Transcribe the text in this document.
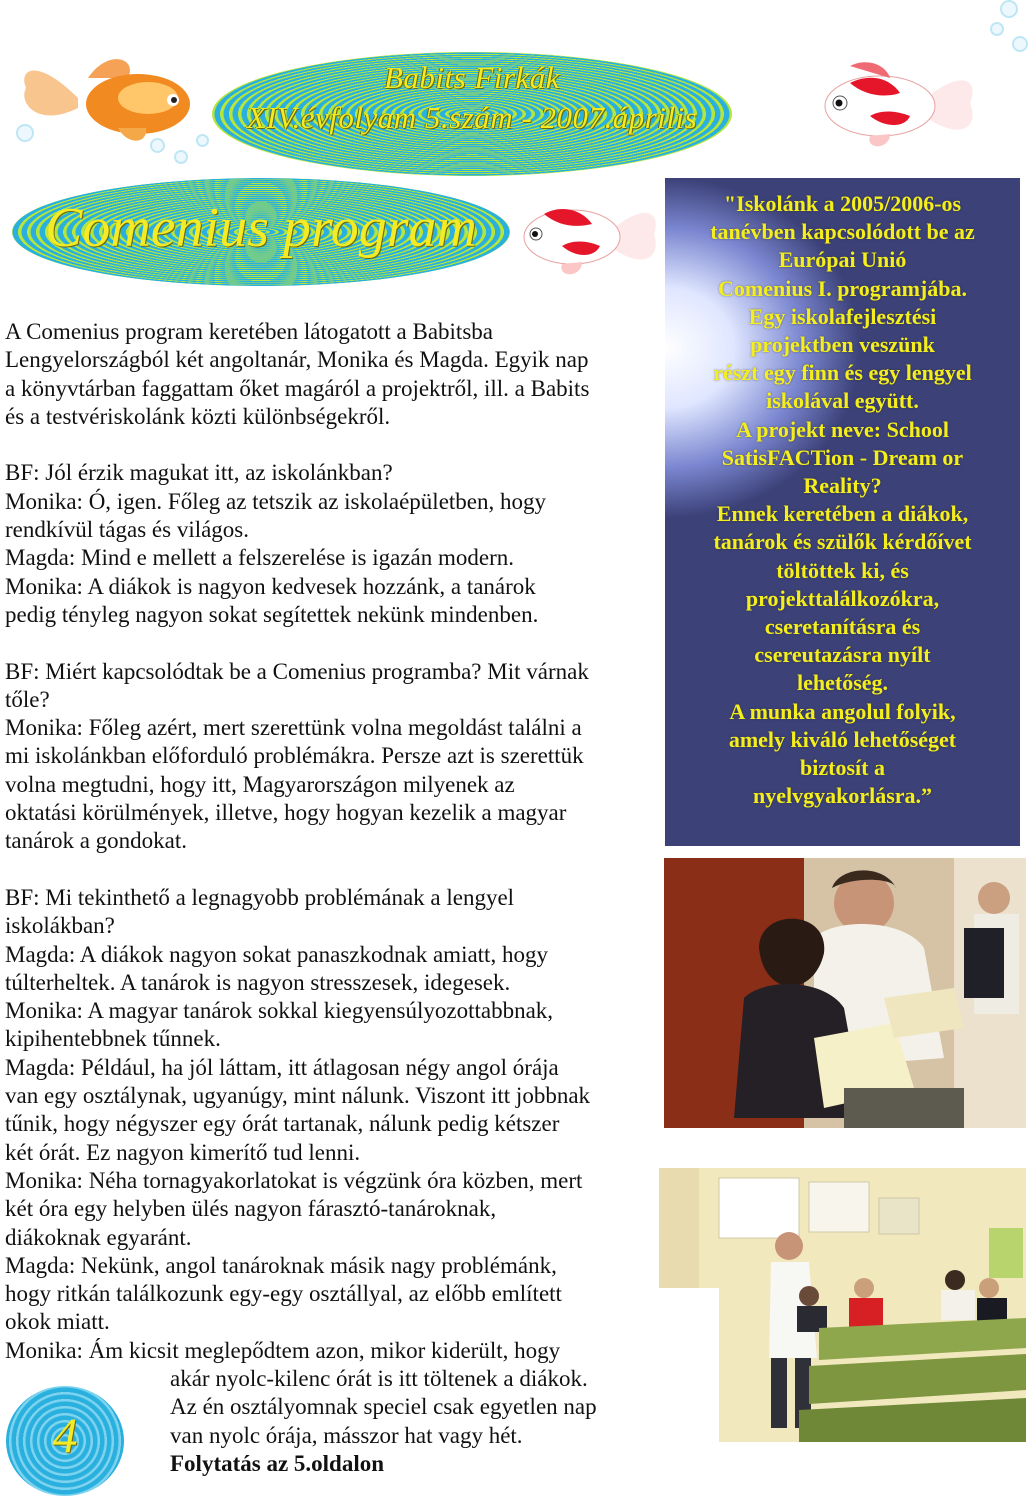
Babits Firkák
XIV.évfolyam 5.szám - 2007.április
Comenius program

A Comenius program keretében látogatott a Babitsba

Lengyelországból két angoltanár, Monika és Magda. Egyik nap

a könyvtárban faggattam őket magáról a projektről, ill. a Babits

és a testvériskolánk közti különbségekről.

BF: Jól érzik magukat itt, az iskolánkban?

Monika: Ó, igen. Főleg az tetszik az iskolaépületben, hogy

rendkívül tágas és világos.

Magda: Mind e mellett a felszerelése is igazán modern.

Monika: A diákok is nagyon kedvesek hozzánk, a tanárok

pedig tényleg nagyon sokat segítettek nekünk mindenben.

BF: Miért kapcsolódtak be a Comenius programba? Mit várnak

tőle?

Monika: Főleg azért, mert szerettünk volna megoldást találni a

mi iskolánkban előforduló problémákra. Persze azt is szerettük

volna megtudni, hogy itt, Magyarországon milyenek az

oktatási körülmények, illetve, hogy hogyan kezelik a magyar

tanárok a gondokat.

BF: Mi tekinthető a legnagyobb problémának a lengyel

iskolákban?

Magda: A diákok nagyon sokat panaszkodnak amiatt, hogy

túlterheltek. A tanárok is nagyon stresszesek, idegesek.

Monika: A magyar tanárok sokkal kiegyensúlyozottabbnak,

kipihentebbnek tűnnek.

Magda: Például, ha jól láttam, itt átlagosan négy angol órája

van egy osztálynak, ugyanúgy, mint nálunk. Viszont itt jobbnak

tűnik, hogy négyszer egy órát tartanak, nálunk pedig kétszer

két órát. Ez nagyon kimerítő tud lenni.

Monika: Néha tornagyakorlatokat is végzünk óra közben, mert

két óra egy helyben ülés nagyon fárasztó-tanároknak,

diákoknak egyaránt.

Magda: Nekünk, angol tanároknak másik nagy problémánk,

hogy ritkán találkozunk egy-egy osztállyal, az előbb említett

okok miatt.

Monika: Ám kicsit meglepődtem azon, mikor kiderült, hogy

akár nyolc-kilenc órát is itt töltenek a diákok.

Az én osztályomnak speciel csak egyetlen nap

van nyolc órája, másszor hat vagy hét.

Folytatás az 5.oldalon

"Iskolánk a 2005/2006-os
tanévben kapcsolódott be az
Európai Unió
Comenius I. programjába.
Egy iskolafejlesztési
projektben veszünk
részt egy finn és egy lengyel
iskolával együtt.
A projekt neve: School
SatisFACTion - Dream or
Reality?
Ennek keretében a diákok,
tanárok és szülők kérdőívet
töltöttek ki, és
projekttalálkozókra,
cseretanításra és
csereutazásra nyílt
lehetőség.
A munka angolul folyik,
amely kiváló lehetőséget
biztosít a
nyelvgyakorlásra.”
4
